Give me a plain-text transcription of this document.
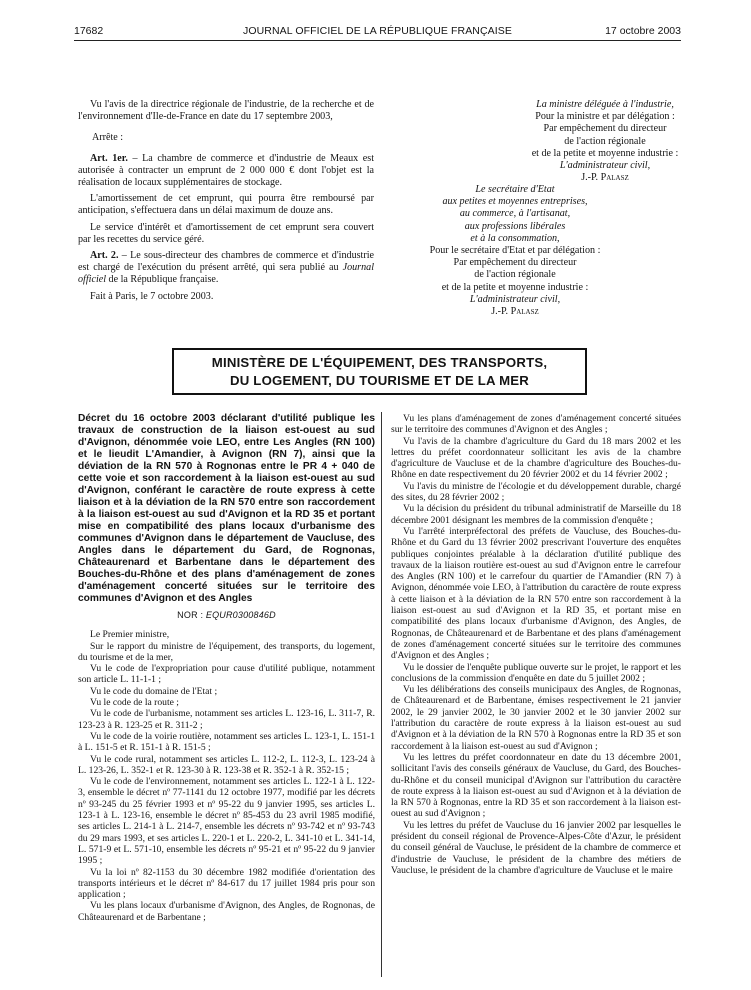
17682	JOURNAL OFFICIEL DE LA RÉPUBLIQUE FRANÇAISE	17 octobre 2003

Vu l'avis de la directrice régionale de l'industrie, de la recherche et de l'environnement d'Ile-de-France en date du 17 septembre 2003,

Arrête :

Art. 1er. – La chambre de commerce et d'industrie de Meaux est autorisée à contracter un emprunt de 2 000 000 € dont l'objet est la réalisation de locaux supplémentaires de stockage.

L'amortissement de cet emprunt, qui pourra être remboursé par anticipation, s'effectuera dans un délai maximum de douze ans.

Le service d'intérêt et d'amortissement de cet emprunt sera couvert par les recettes du service géré.

Art. 2. – Le sous-directeur des chambres de commerce et d'industrie est chargé de l'exécution du présent arrêté, qui sera publié au Journal officiel de la République française.

Fait à Paris, le 7 octobre 2003.

La ministre déléguée à l'industrie,
Pour la ministre et par délégation :
Par empêchement du directeur
de l'action régionale
et de la petite et moyenne industrie :
L'administrateur civil,
J.-P. Palasz
Le secrétaire d'Etat
aux petites et moyennes entreprises,
au commerce, à l'artisanat,
aux professions libérales
et à la consommation,
Pour le secrétaire d'Etat et par délégation :
Par empêchement du directeur
de l'action régionale
et de la petite et moyenne industrie :
L'administrateur civil,
J.-P. Palasz
MINISTÈRE DE L'ÉQUIPEMENT, DES TRANSPORTS,
DU LOGEMENT, DU TOURISME ET DE LA MER
Décret du 16 octobre 2003 déclarant d'utilité publique les travaux de construction de la liaison est-ouest au sud d'Avignon, dénommée voie LEO, entre Les Angles (RN 100) et le lieudit L'Amandier, à Avignon (RN 7), ainsi que la déviation de la RN 570 à Rognonas entre le PR 4 + 040 de cette voie et son raccordement à la liaison est-ouest au sud d'Avignon, conférant le caractère de route express à cette liaison et à la déviation de la RN 570 entre son raccordement à la liaison est-ouest au sud d'Avignon et la RD 35 et portant mise en compatibilité des plans locaux d'urbanisme des communes d'Avignon dans le département de Vaucluse, des Angles dans le département du Gard, de Rognonas, Châteaurenard et Barbentane dans le département des Bouches-du-Rhône et des plans d'aménagement de zones d'aménagement concerté situées sur le territoire des communes d'Avignon et des Angles
NOR : EQUR0300846D

Le Premier ministre,

Sur le rapport du ministre de l'équipement, des transports, du logement, du tourisme et de la mer,

Vu le code de l'expropriation pour cause d'utilité publique, notamment son article L. 11-1-1 ;

Vu le code du domaine de l'Etat ;

Vu le code de la route ;

Vu le code de l'urbanisme, notamment ses articles L. 123-16, L. 311-7, R. 123-23 à R. 123-25 et R. 311-2 ;

Vu le code de la voirie routière, notamment ses articles L. 123-1, L. 151-1 à L. 151-5 et R. 151-1 à R. 151-5 ;

Vu le code rural, notamment ses articles L. 112-2, L. 112-3, L. 123-24 à L. 123-26, L. 352-1 et R. 123-30 à R. 123-38 et R. 352-1 à R. 352-15 ;

Vu le code de l'environnement, notamment ses articles L. 122-1 à L. 122-3, ensemble le décret nº 77-1141 du 12 octobre 1977, modifié par les décrets nº 93-245 du 25 février 1993 et nº 95-22 du 9 janvier 1995, ses articles L. 123-1 à L. 123-16, ensemble le décret nº 85-453 du 23 avril 1985 modifié, ses articles L. 214-1 à L. 214-7, ensemble les décrets nº 93-742 et nº 93-743 du 29 mars 1993, et ses articles L. 220-1 et L. 220-2, L. 341-10 et L. 341-14, L. 571-9 et L. 571-10, ensemble les décrets nº 95-21 et nº 95-22 du 9 janvier 1995 ;

Vu la loi nº 82-1153 du 30 décembre 1982 modifiée d'orientation des transports intérieurs et le décret nº 84-617 du 17 juillet 1984 pris pour son application ;

Vu les plans locaux d'urbanisme d'Avignon, des Angles, de Rognonas, de Châteaurenard et de Barbentane ;

Vu les plans d'aménagement de zones d'aménagement concerté situées sur le territoire des communes d'Avignon et des Angles ;

Vu l'avis de la chambre d'agriculture du Gard du 18 mars 2002 et les lettres du préfet coordonnateur sollicitant les avis de la chambre d'agriculture de Vaucluse et de la chambre d'agriculture des Bouches-du-Rhône en date respectivement du 20 février 2002 et du 14 février 2002 ;

Vu l'avis du ministre de l'écologie et du développement durable, chargé des sites, du 28 février 2002 ;

Vu la décision du président du tribunal administratif de Marseille du 18 décembre 2001 désignant les membres de la commission d'enquête ;

Vu l'arrêté interpréfectoral des préfets de Vaucluse, des Bouches-du-Rhône et du Gard du 13 février 2002 prescrivant l'ouverture des enquêtes publiques conjointes préalable à la déclaration d'utilité publique des travaux de la liaison routière est-ouest au sud d'Avignon entre le carrefour des Angles (RN 100) et le carrefour du quartier de l'Amandier (RN 7) à Avignon, dénommée voie LEO, à l'attribution du caractère de route express à cette liaison et à la déviation de la RN 570 entre son raccordement à la liaison est-ouest au sud d'Avignon et la RD 35, et portant mise en compatibilité des plans locaux d'urbanisme d'Avignon, des Angles, de Rognonas, de Châteaurenard et de Barbentane et des plans d'aménagement de zones d'aménagement concerté situées sur le territoire des communes d'Avignon et des Angles ;

Vu le dossier de l'enquête publique ouverte sur le projet, le rapport et les conclusions de la commission d'enquête en date du 5 juillet 2002 ;

Vu les délibérations des conseils municipaux des Angles, de Rognonas, de Châteaurenard et de Barbentane, émises respectivement le 21 janvier 2002, le 29 janvier 2002, le 30 janvier 2002 et le 30 janvier 2002 sur l'attribution du caractère de route express à la liaison est-ouest au sud d'Avignon et à la déviation de la RN 570 à Rognonas entre la RD 35 et son raccordement à la liaison est-ouest au sud d'Avignon ;

Vu les lettres du préfet coordonnateur en date du 13 décembre 2001, sollicitant l'avis des conseils généraux de Vaucluse, du Gard, des Bouches-du-Rhône et du conseil municipal d'Avignon sur l'attribution du caractère de route express à la liaison est-ouest au sud d'Avignon et à la déviation de la RN 570 à Rognonas, entre la RD 35 et son raccordement à la liaison est-ouest au sud d'Avignon ;

Vu les lettres du préfet de Vaucluse du 16 janvier 2002 par lesquelles le président du conseil régional de Provence-Alpes-Côte d'Azur, le président du conseil général de Vaucluse, le président de la chambre de commerce et d'industrie de Vaucluse, le président de la chambre des métiers de Vaucluse, le président de la chambre d'agriculture de Vaucluse et le maire
